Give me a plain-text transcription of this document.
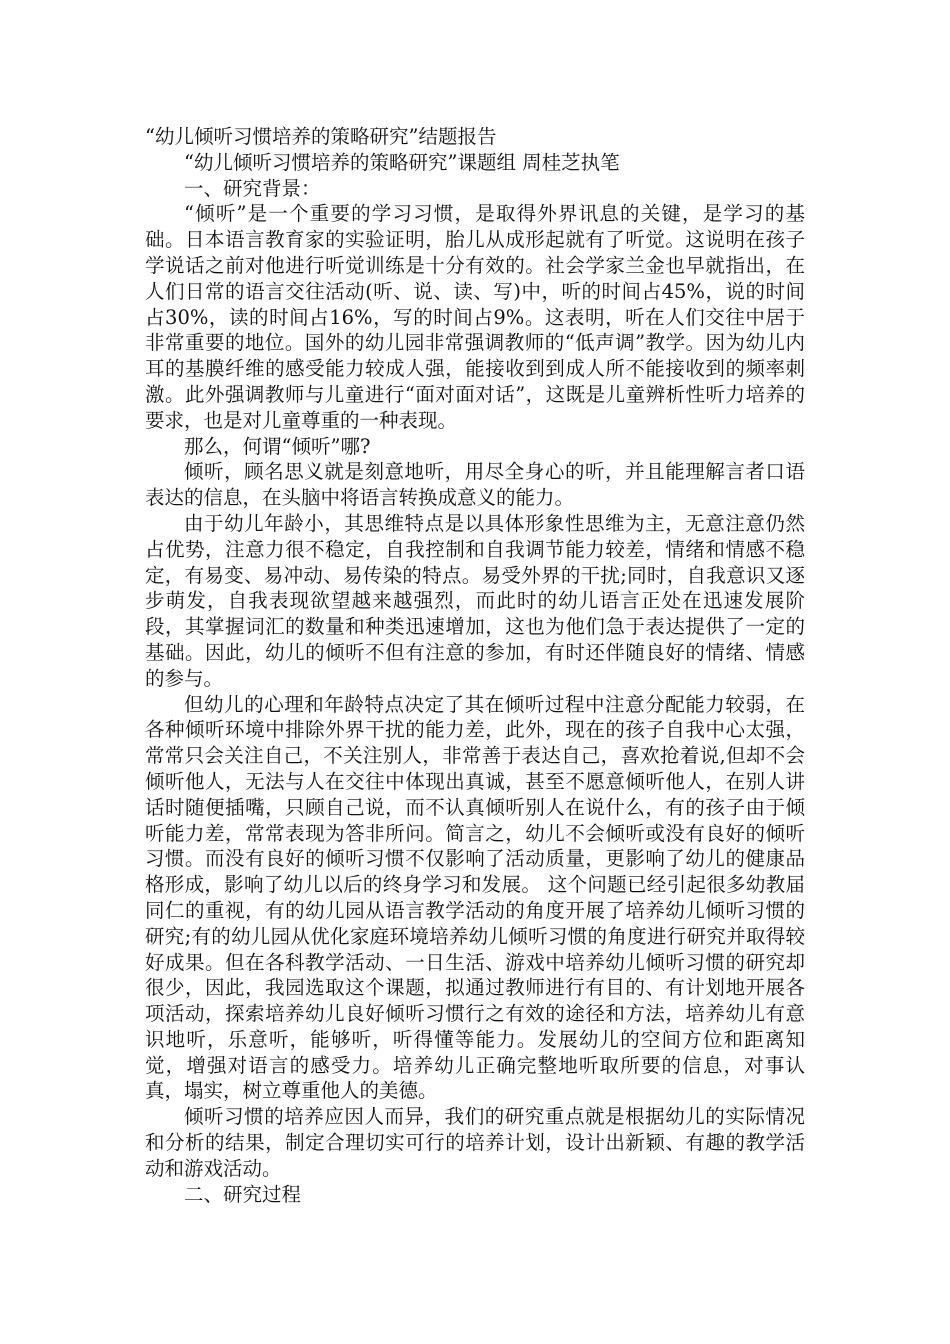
“幼儿倾听习惯培养的策略研究”结题报告

“幼儿倾听习惯培养的策略研究”课题组 周桂芝执笔

一、研究背景：

“倾听”是一个重要的学习习惯，是取得外界讯息的关键，是学习的基础。日本语言教育家的实验证明，胎儿从成形起就有了听觉。这说明在孩子学说话之前对他进行听觉训练是十分有效的。社会学家兰金也早就指出，在人们日常的语言交往活动(听、说、读、写)中，听的时间占45%，说的时间占30%，读的时间占16%，写的时间占9%。这表明，听在人们交往中居于非常重要的地位。国外的幼儿园非常强调教师的“低声调”教学。因为幼儿内耳的基膜纤维的感受能力较成人强，能接收到到成人所不能接收到的频率刺激。此外强调教师与儿童进行“面对面对话”，这既是儿童辨析性听力培养的要求，也是对儿童尊重的一种表现。

那么，何谓“倾听”哪?

倾听，顾名思义就是刻意地听，用尽全身心的听，并且能理解言者口语表达的信息，在头脑中将语言转换成意义的能力。

由于幼儿年龄小，其思维特点是以具体形象性思维为主，无意注意仍然占优势，注意力很不稳定，自我控制和自我调节能力较差，情绪和情感不稳定，有易变、易冲动、易传染的特点。易受外界的干扰;同时，自我意识又逐步萌发，自我表现欲望越来越强烈，而此时的幼儿语言正处在迅速发展阶段，其掌握词汇的数量和种类迅速增加，这也为他们急于表达提供了一定的基础。因此，幼儿的倾听不但有注意的参加，有时还伴随良好的情绪、情感的参与。

但幼儿的心理和年龄特点决定了其在倾听过程中注意分配能力较弱，在各种倾听环境中排除外界干扰的能力差，此外，现在的孩子自我中心太强，常常只会关注自己，不关注别人，非常善于表达自己，喜欢抢着说,但却不会倾听他人，无法与人在交往中体现出真诚，甚至不愿意倾听他人，在别人讲话时随便插嘴，只顾自己说，而不认真倾听别人在说什么，有的孩子由于倾听能力差，常常表现为答非所问。简言之，幼儿不会倾听或没有良好的倾听习惯。而没有良好的倾听习惯不仅影响了活动质量，更影响了幼儿的健康品格形成，影响了幼儿以后的终身学习和发展。 这个问题已经引起很多幼教届同仁的重视，有的幼儿园从语言教学活动的角度开展了培养幼儿倾听习惯的研究;有的幼儿园从优化家庭环境培养幼儿倾听习惯的角度进行研究并取得较好成果。但在各科教学活动、一日生活、游戏中培养幼儿倾听习惯的研究却很少，因此，我园选取这个课题，拟通过教师进行有目的、有计划地开展各项活动，探索培养幼儿良好倾听习惯行之有效的途径和方法，培养幼儿有意识地听，乐意听，能够听，听得懂等能力。发展幼儿的空间方位和距离知觉，增强对语言的感受力。培养幼儿正确完整地听取所要的信息，对事认真，塌实，树立尊重他人的美德。

倾听习惯的培养应因人而异，我们的研究重点就是根据幼儿的实际情况和分析的结果，制定合理切实可行的培养计划，设计出新颖、有趣的教学活动和游戏活动。

二、研究过程
